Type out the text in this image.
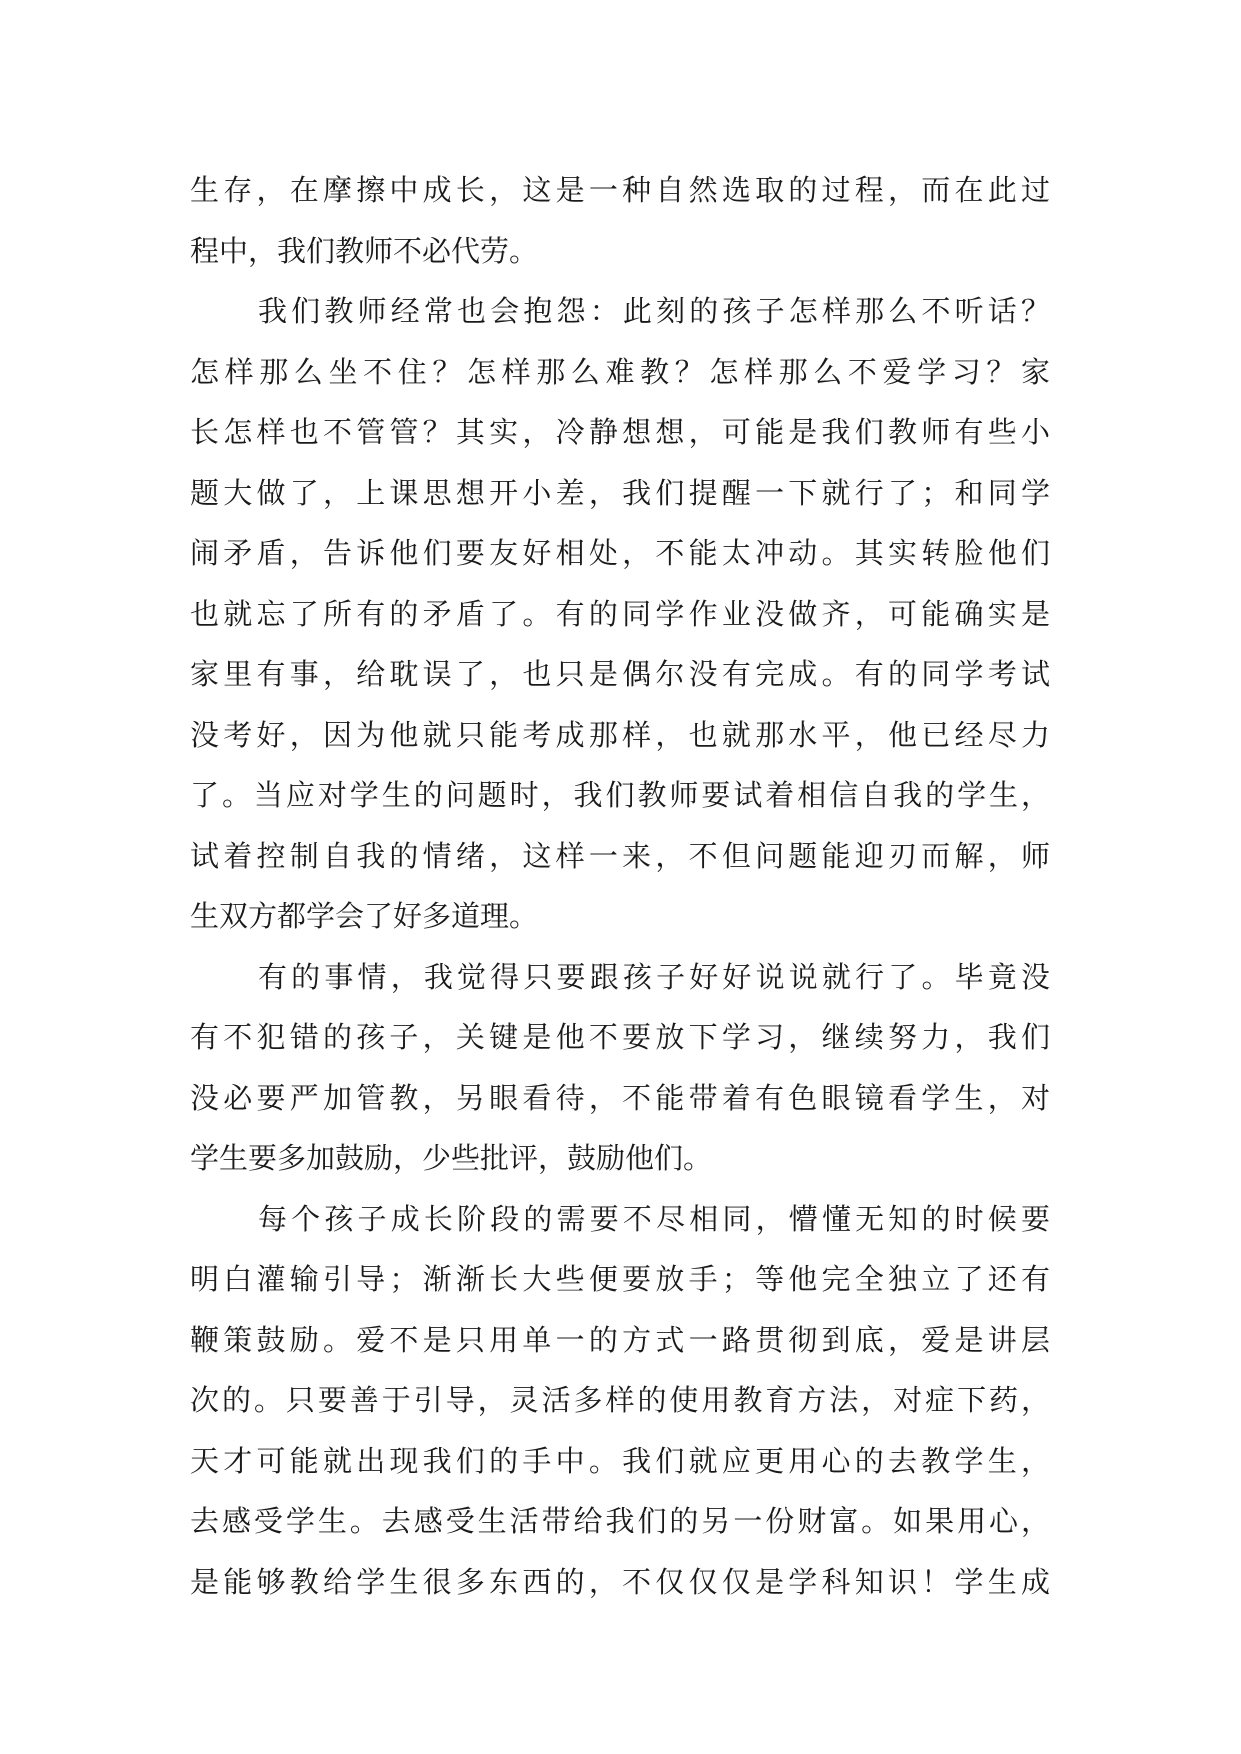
生存，在摩擦中成长，这是一种自然选取的过程，而在此过
程中，我们教师不必代劳。
我们教师经常也会抱怨：此刻的孩子怎样那么不听话？
怎样那么坐不住？怎样那么难教？怎样那么不爱学习？家
长怎样也不管管？其实，冷静想想，可能是我们教师有些小
题大做了，上课思想开小差，我们提醒一下就行了；和同学
闹矛盾，告诉他们要友好相处，不能太冲动。其实转脸他们
也就忘了所有的矛盾了。有的同学作业没做齐，可能确实是
家里有事，给耽误了，也只是偶尔没有完成。有的同学考试
没考好，因为他就只能考成那样，也就那水平，他已经尽力
了。当应对学生的问题时，我们教师要试着相信自我的学生，
试着控制自我的情绪，这样一来，不但问题能迎刃而解，师
生双方都学会了好多道理。
有的事情，我觉得只要跟孩子好好说说就行了。毕竟没
有不犯错的孩子，关键是他不要放下学习，继续努力，我们
没必要严加管教，另眼看待，不能带着有色眼镜看学生，对
学生要多加鼓励，少些批评，鼓励他们。
每个孩子成长阶段的需要不尽相同，懵懂无知的时候要
明白灌输引导；渐渐长大些便要放手；等他完全独立了还有
鞭策鼓励。爱不是只用单一的方式一路贯彻到底，爱是讲层
次的。只要善于引导，灵活多样的使用教育方法，对症下药，
天才可能就出现我们的手中。我们就应更用心的去教学生，
去感受学生。去感受生活带给我们的另一份财富。如果用心，
是能够教给学生很多东西的，不仅仅仅是学科知识！学生成
